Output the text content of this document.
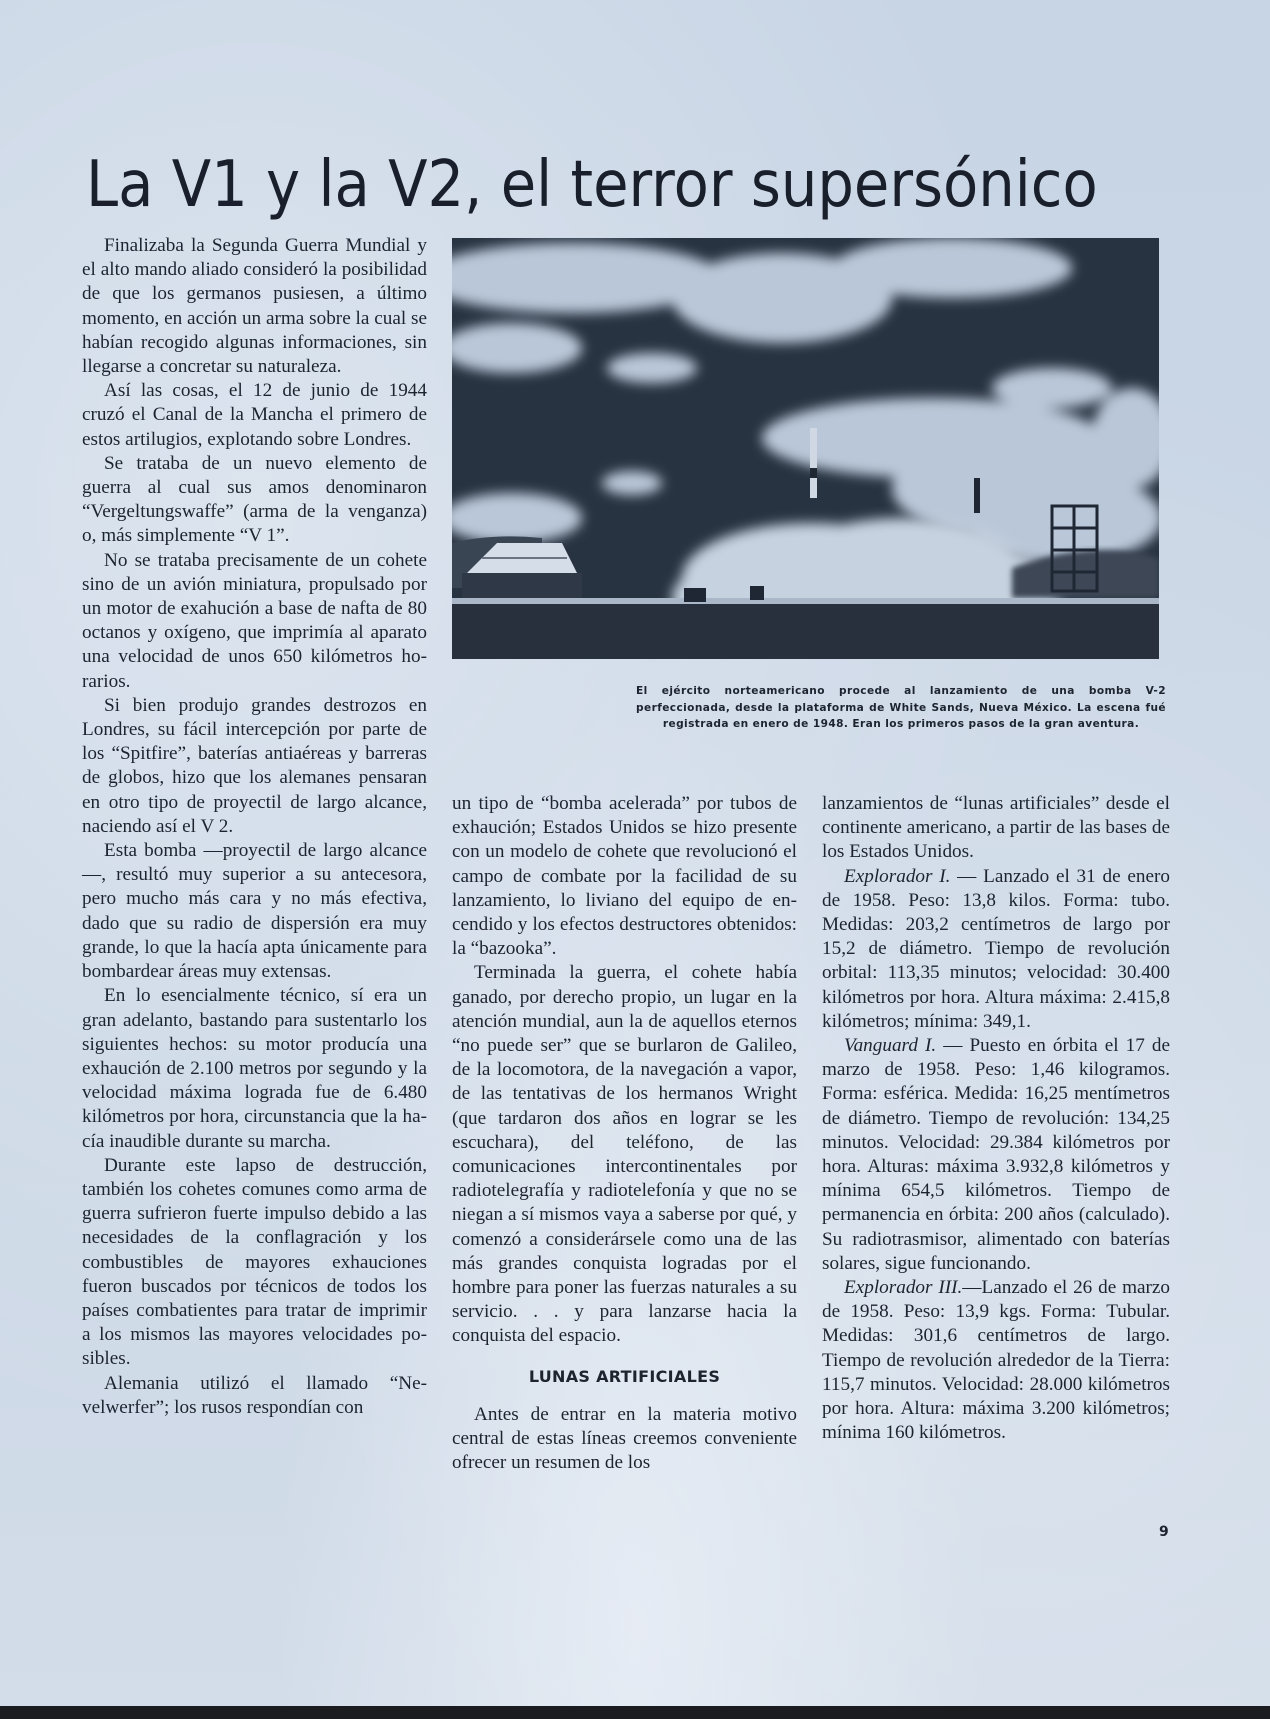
La V1 y la V2, el terror supersónico

Finalizaba la Segunda Guerra Mundial y el alto mando aliado consideró la posibilidad de que los germanos pusiesen, a último momento, en acción un arma sobre la cual se habían recogido algunas informaciones, sin llegarse a concretar su naturaleza.

Así las cosas, el 12 de junio de 1944 cruzó el Canal de la Mancha el primero de estos artilugios, explotando sobre Londres.

Se trataba de un nuevo elemento de guerra al cual sus amos denominaron “Vergeltungswaffe” (arma de la venganza) o, más simplemente “V 1”.

No se trataba precisamente de un cohete sino de un avión miniatura, propulsado por un motor de exahución a base de nafta de 80 octanos y oxígeno, que imprimía al aparato una velocidad de unos 650 kilómetros horarios.

Si bien produjo grandes destrozos en Londres, su fácil intercepción por parte de los “Spitfire”, baterías antiaéreas y barreras de globos, hizo que los alemanes pensaran en otro tipo de proyectil de largo alcance, naciendo así el V 2.

Esta bomba —proyectil de largo alcance—, resultó muy superior a su antecesora, pero mucho más cara y no más efectiva, dado que su radio de dispersión era muy grande, lo que la hacía apta únicamente para bombardear áreas muy extensas.

En lo esencialmente técnico, sí era un gran adelanto, bastando para sustentarlo los siguientes hechos: su motor producía una exhaución de 2.100 metros por segundo y la velocidad máxima lograda fue de 6.480 kilómetros por hora, circunstancia que la hacía inaudible durante su marcha.

Durante este lapso de destrucción, también los cohetes comunes como arma de guerra sufrieron fuerte impulso debido a las necesidades de la conflagración y los combustibles de mayores exhauciones fueron buscados por técnicos de todos los países combatientes para tratar de imprimir a los mismos las mayores velocidades posibles.

Alemania utilizó el llamado “Nevelwerfer”; los rusos respondían con

El ejército norteamericano procede al lanzamiento de una bomba V-2 perfeccionada, desde la plataforma de White Sands, Nueva México. La escena fué registrada en enero de 1948. Eran los primeros pasos de la gran aventura.

un tipo de “bomba acelerada” por tubos de exhaución; Estados Unidos se hizo presente con un modelo de cohete que revolucionó el campo de combate por la facilidad de su lanzamiento, lo liviano del equipo de encendido y los efectos destructores obtenidos: la “bazooka”.

Terminada la guerra, el cohete había ganado, por derecho propio, un lugar en la atención mundial, aun la de aquellos eternos “no puede ser” que se burlaron de Galileo, de la locomotora, de la navegación a vapor, de las tentativas de los hermanos Wright (que tardaron dos años en lograr se les escuchara), del teléfono, de las comunicaciones intercontinentales por radiotelegrafía y radiotelefonía y que no se niegan a sí mismos vaya a saberse por qué, y comenzó a considerársele como una de las más grandes conquista logradas por el hombre para poner las fuerzas naturales a su servicio. . . y para lanzarse hacia la conquista del espacio.

LUNAS ARTIFICIALES

Antes de entrar en la materia motivo central de estas líneas creemos conveniente ofrecer un resumen de los

lanzamientos de “lunas artificiales” desde el continente americano, a partir de las bases de los Estados Unidos.

Explorador I. — Lanzado el 31 de enero de 1958. Peso: 13,8 kilos. Forma: tubo. Medidas: 203,2 centímetros de largo por 15,2 de diámetro. Tiempo de revolución orbital: 113,35 minutos; velocidad: 30.400 kilómetros por hora. Altura máxima: 2.415,8 kilómetros; mínima: 349,1.

Vanguard I. — Puesto en órbita el 17 de marzo de 1958. Peso: 1,46 kilogramos. Forma: esférica. Medida: 16,25 mentímetros de diámetro. Tiempo de revolución: 134,25 minutos. Velocidad: 29.384 kilómetros por hora. Alturas: máxima 3.932,8 kilómetros y mínima 654,5 kilómetros. Tiempo de permanencia en órbita: 200 años (calculado). Su radiotrasmisor, alimentado con baterías solares, sigue funcionando.

Explorador III.—Lanzado el 26 de marzo de 1958. Peso: 13,9 kgs. Forma: Tubular. Medidas: 301,6 centímetros de largo. Tiempo de revolución alrededor de la Tierra: 115,7 minutos. Velocidad: 28.000 kilómetros por hora. Altura: máxima 3.200 kilómetros; mínima 160 kilómetros.

9
